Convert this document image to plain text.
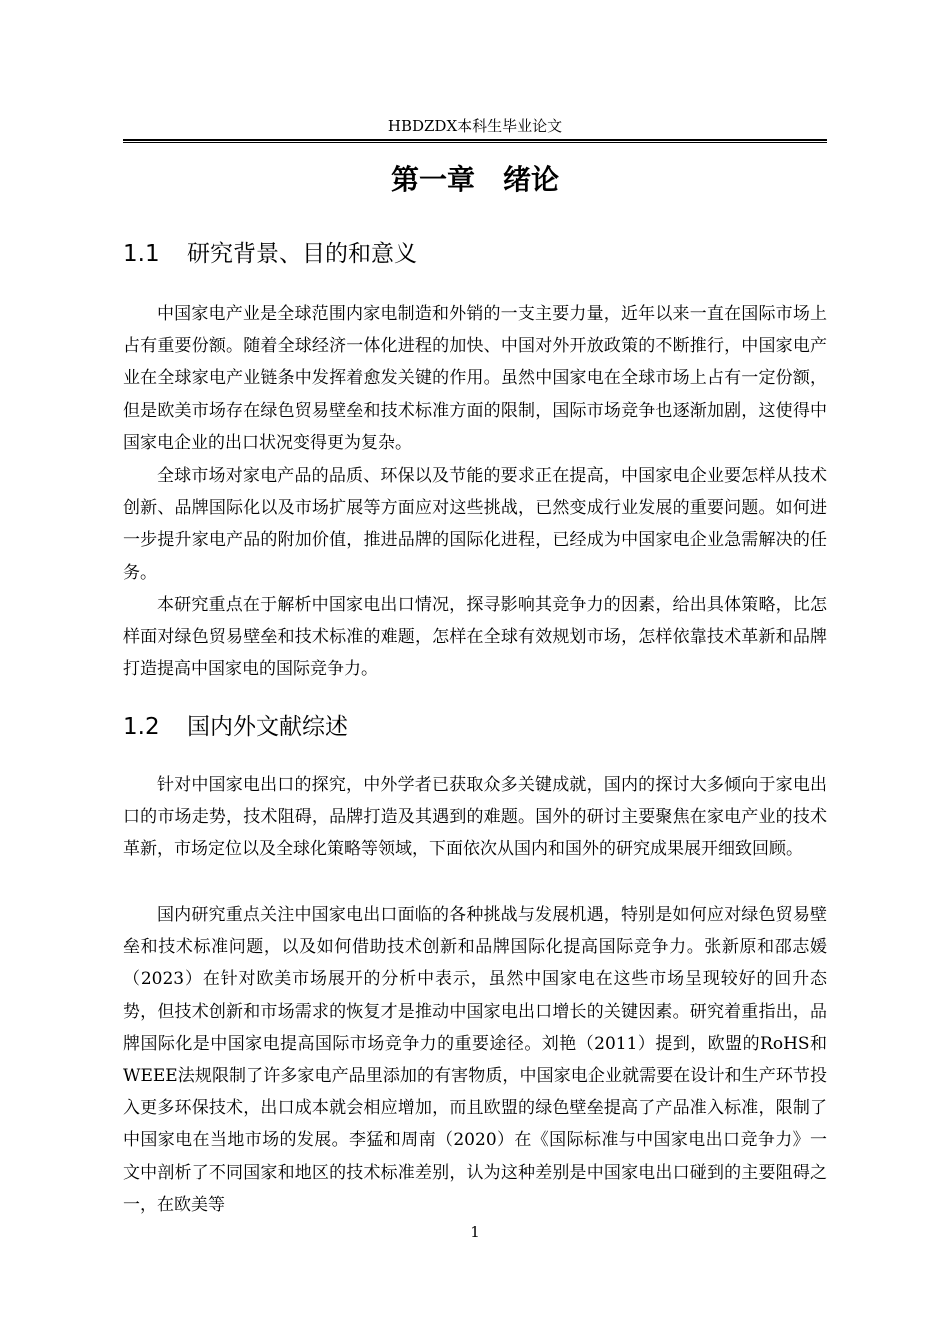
HBDZDX本科生毕业论文
第一章　绪论
1.1 研究背景、目的和意义

中国家电产业是全球范围内家电制造和外销的一支主要力量，近年以来一直在国际市场上占有重要份额。随着全球经济一体化进程的加快、中国对外开放政策的不断推行，中国家电产业在全球家电产业链条中发挥着愈发关键的作用。虽然中国家电在全球市场上占有一定份额，但是欧美市场存在绿色贸易壁垒和技术标准方面的限制，国际市场竞争也逐渐加剧，这使得中国家电企业的出口状况变得更为复杂。

全球市场对家电产品的品质、环保以及节能的要求正在提高，中国家电企业要怎样从技术创新、品牌国际化以及市场扩展等方面应对这些挑战，已然变成行业发展的重要问题。如何进一步提升家电产品的附加价值，推进品牌的国际化进程，已经成为中国家电企业急需解决的任务。

本研究重点在于解析中国家电出口情况，探寻影响其竞争力的因素，给出具体策略，比怎样面对绿色贸易壁垒和技术标准的难题，怎样在全球有效规划市场，怎样依靠技术革新和品牌打造提高中国家电的国际竞争力。

1.2 国内外文献综述

针对中国家电出口的探究，中外学者已获取众多关键成就，国内的探讨大多倾向于家电出口的市场走势，技术阻碍，品牌打造及其遇到的难题。国外的研讨主要聚焦在家电产业的技术革新，市场定位以及全球化策略等领域，下面依次从国内和国外的研究成果展开细致回顾。

国内研究重点关注中国家电出口面临的各种挑战与发展机遇，特别是如何应对绿色贸易壁垒和技术标准问题，以及如何借助技术创新和品牌国际化提高国际竞争力。张新原和邵志媛（2023）在针对欧美市场展开的分析中表示，虽然中国家电在这些市场呈现较好的回升态势，但技术创新和市场需求的恢复才是推动中国家电出口增长的关键因素。研究着重指出，品牌国际化是中国家电提高国际市场竞争力的重要途径。刘艳（2011）提到，欧盟的RoHS和WEEE法规限制了许多家电产品里添加的有害物质，中国家电企业就需要在设计和生产环节投入更多环保技术，出口成本就会相应增加，而且欧盟的绿色壁垒提高了产品准入标准，限制了中国家电在当地市场的发展。李猛和周南（2020）在《国际标准与中国家电出口竞争力》一文中剖析了不同国家和地区的技术标准差别，认为这种差别是中国家电出口碰到的主要阻碍之一，在欧美等

1
